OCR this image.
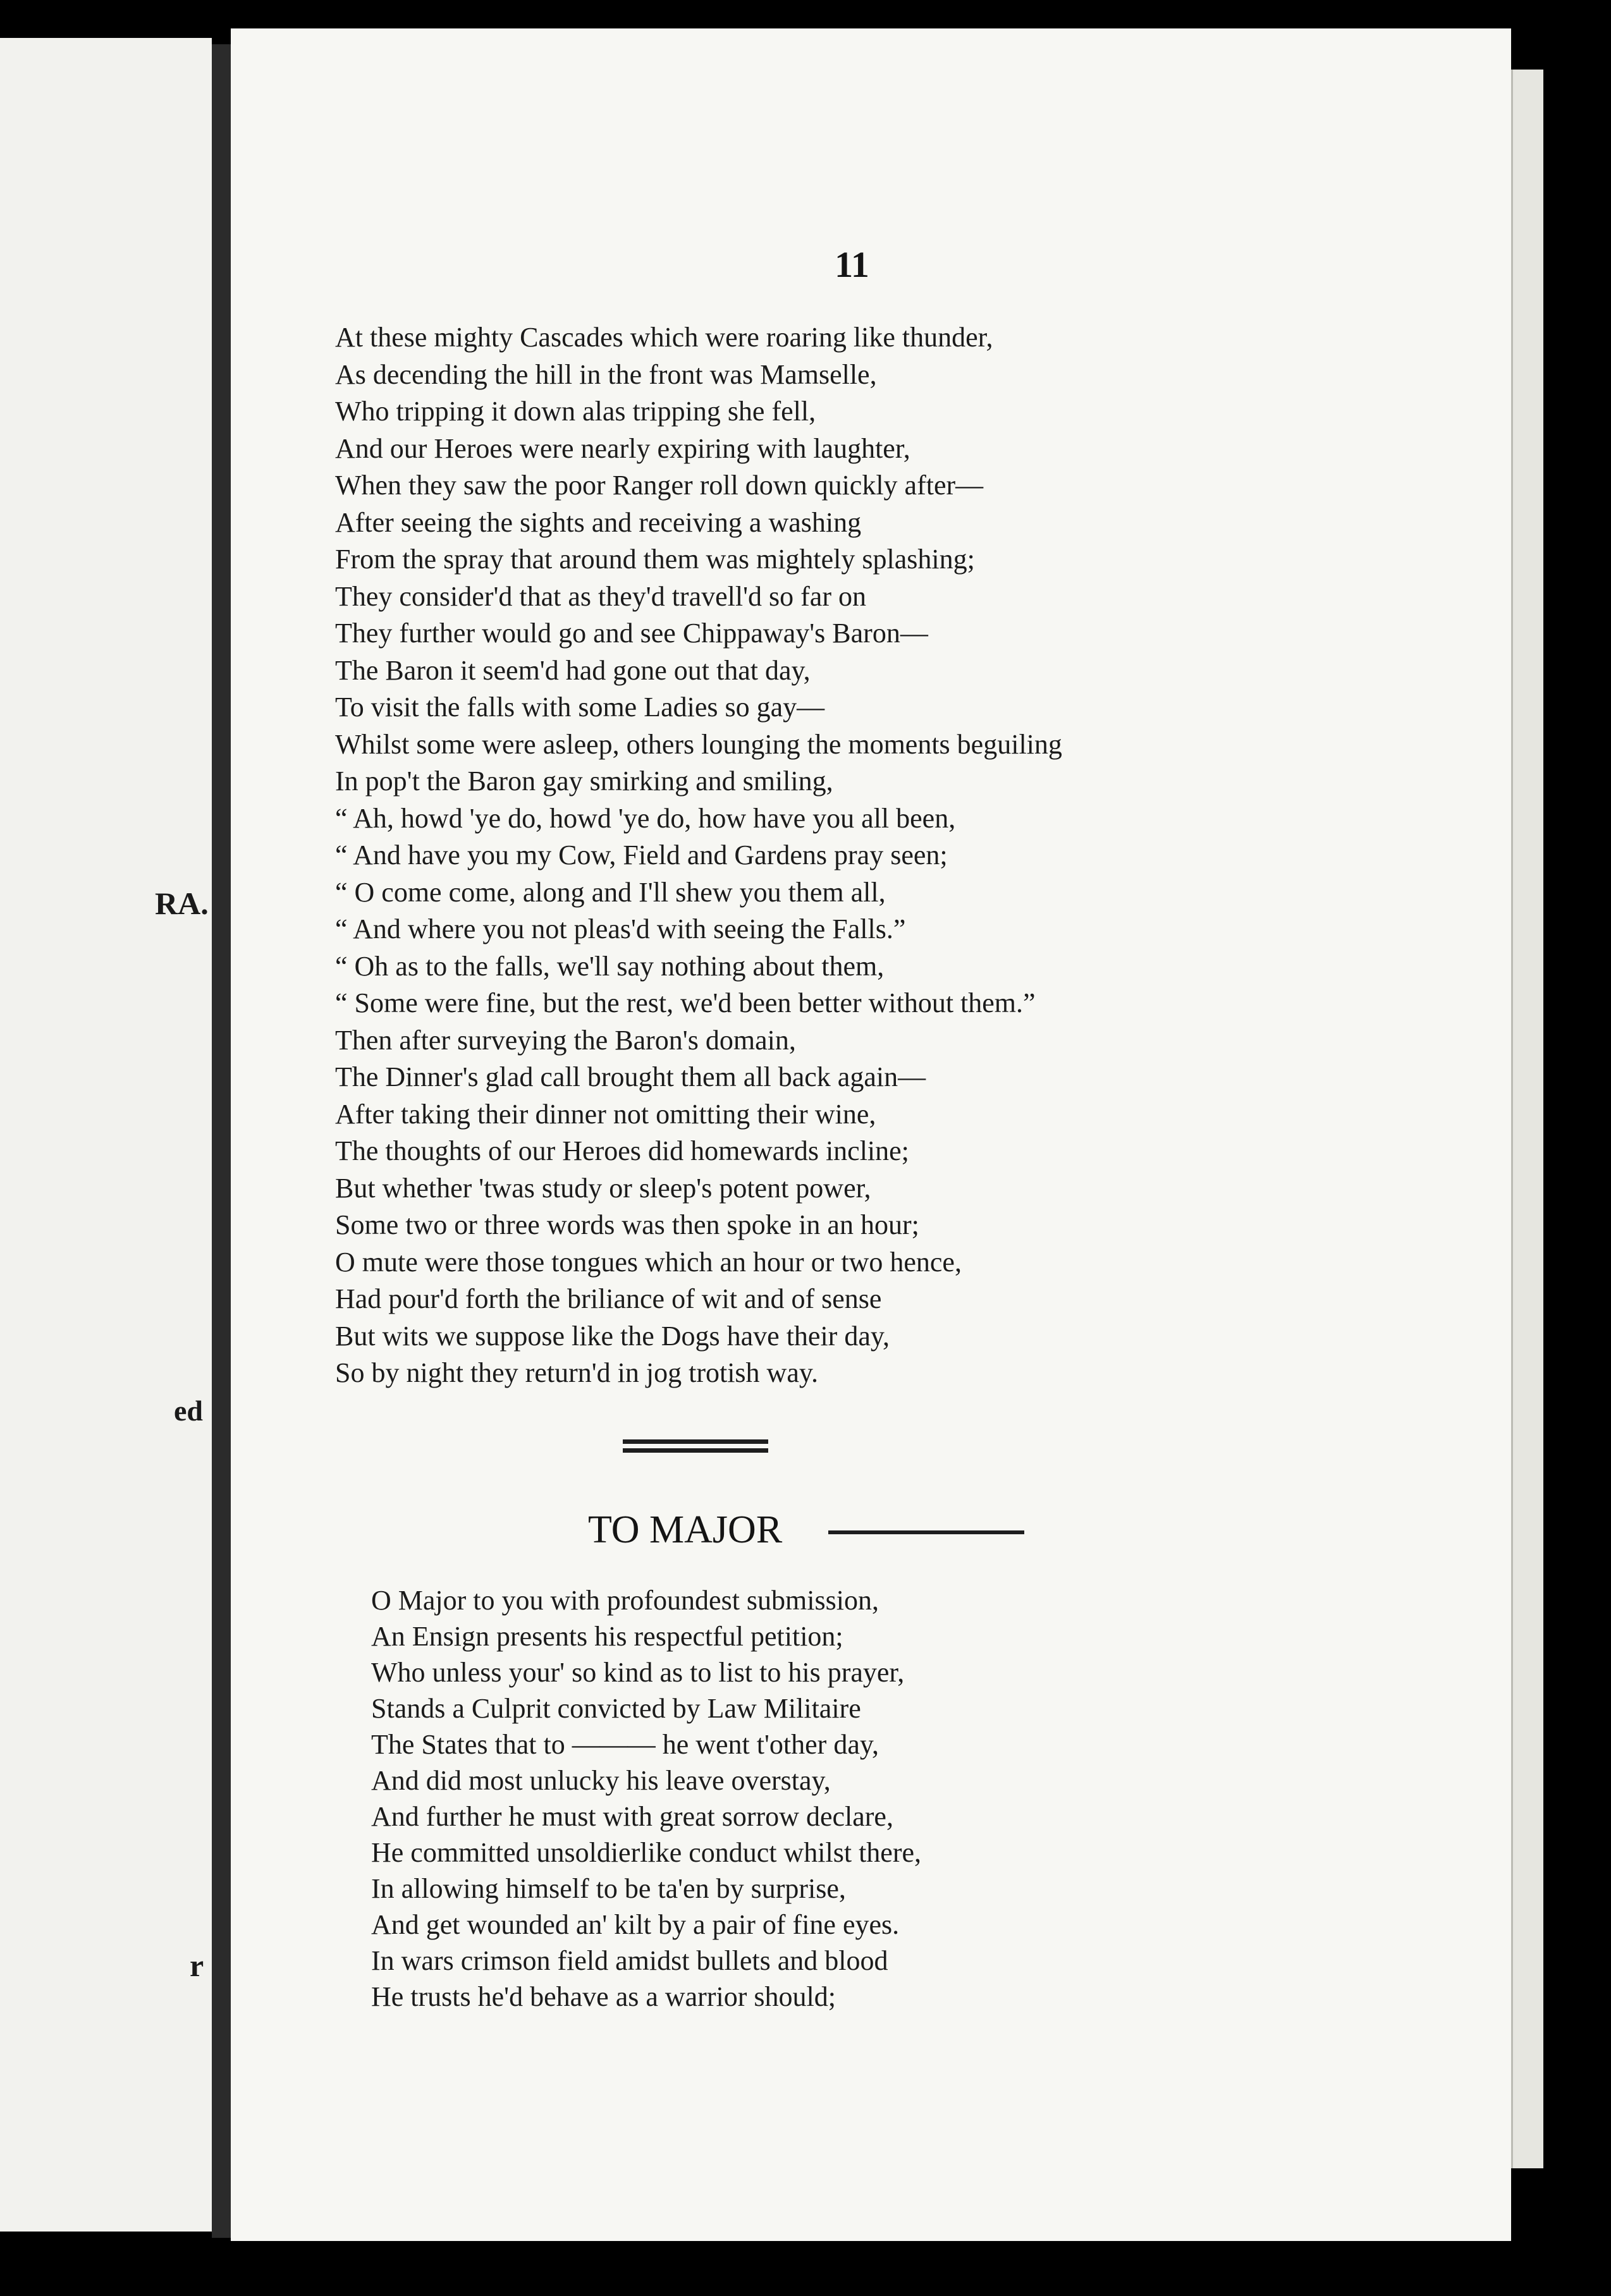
RA.
ed
r
11
At these mighty Cascades which were roaring like thunder,
As decending the hill in the front was Mamselle,
Who tripping it down alas tripping she fell,
And our Heroes were nearly expiring with laughter,
When they saw the poor Ranger roll down quickly after—
After seeing the sights and receiving a washing
From the spray that around them was mightely splashing;
They consider'd that as they'd travell'd so far on
They further would go and see Chippaway's Baron—
The Baron it seem'd had gone out that day,
To visit the falls with some Ladies so gay—
Whilst some were asleep, others lounging the moments beguiling
In pop't the Baron gay smirking and smiling,
“ Ah, howd 'ye do, howd 'ye do, how have you all been,
“ And have you my Cow, Field and Gardens pray seen;
“ O come come, along and I'll shew you them all,
“ And where you not pleas'd with seeing the Falls.”
“ Oh as to the falls, we'll say nothing about them,
“ Some were fine, but the rest, we'd been better without them.”
Then after surveying the Baron's domain,
The Dinner's glad call brought them all back again—
After taking their dinner not omitting their wine,
The thoughts of our Heroes did homewards incline;
But whether 'twas study or sleep's potent power,
Some two or three words was then spoke in an hour;
O mute were those tongues which an hour or two hence,
Had pour'd forth the briliance of wit and of sense
But wits we suppose like the Dogs have their day,
So by night they return'd in jog trotish way.
TO MAJOR
O Major to you with profoundest submission,
An Ensign presents his respectful petition;
Who unless your' so kind as to list to his prayer,
Stands a Culprit convicted by Law Militaire
The States that to ——— he went t'other day,
And did most unlucky his leave overstay,
And further he must with great sorrow declare,
He committed unsoldierlike conduct whilst there,
In allowing himself to be ta'en by surprise,
And get wounded an' kilt by a pair of fine eyes.
In wars crimson field amidst bullets and blood
He trusts he'd behave as a warrior should;
